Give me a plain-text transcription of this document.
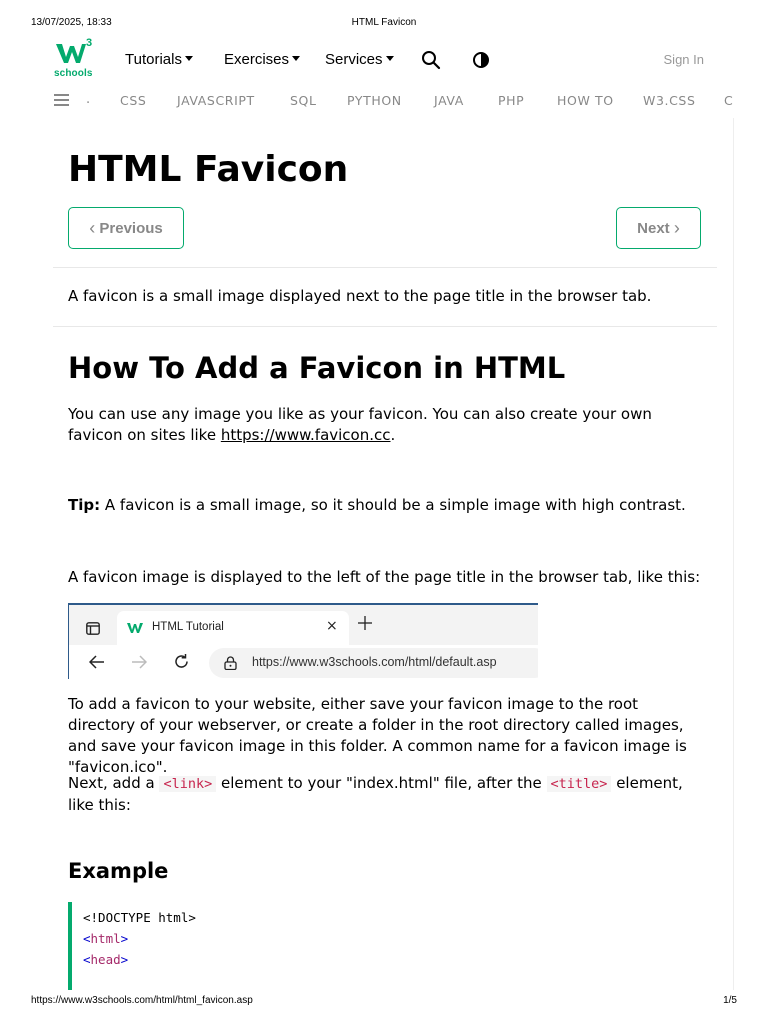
13/07/2025, 18:33	HTML Favicon
3
schools
Tutorials	Exercises	Services	Sign In
. CSS JAVASCRIPT	SQL PYTHON	JAVA	PHP	HOW TO W3.CSS C
HTML Favicon
‹
Previous	Next
›

A favicon is a small image displayed next to the page title in the browser tab.

How To Add a Favicon in HTML

You can use any image you like as your favicon. You can also create your own favicon on sites like https://www.favicon.cc.

Tip: A favicon is a small image, so it should be a simple image with high contrast.

A favicon image is displayed to the left of the page title in the browser tab, like this:

HTML Tutorial	×
https://www.w3schools.com/html/default.asp

To add a favicon to your website, either save your favicon image to the root directory of your webserver, or create a folder in the root directory called images, and save your favicon image in this folder. A common name for a favicon image is "favicon.ico".

Next, add a <link> element to your "index.html" file, after the <title> element, like this:

Example
<!DOCTYPE html>
<html>
<head>
https://www.w3schools.com/html/html_favicon.asp	1/5
